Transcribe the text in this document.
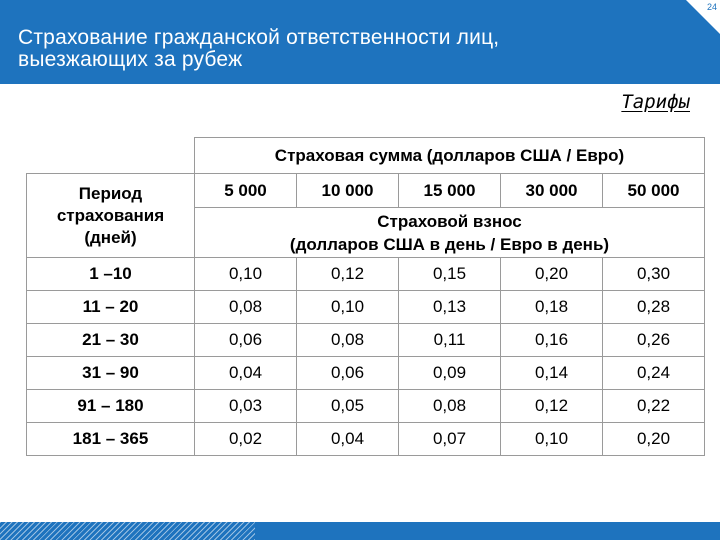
Страхование гражданской ответственности лиц,
выезжающих за рубеж
24
Тарифы
	Страховая сумма (долларов США / Евро)				

Период
страхования
(дней)	5 000	10 000	15 000	30 000	50 000

	Страховой взнос
(долларов США в день / Евро в день)				

1 –10	0,10	0,12	0,15	0,20	0,30
11 – 20	0,08	0,10	0,13	0,18	0,28
21 – 30	0,06	0,08	0,11	0,16	0,26
31 – 90	0,04	0,06	0,09	0,14	0,24
91 – 180	0,03	0,05	0,08	0,12	0,22
181 – 365	0,02	0,04	0,07	0,10	0,20
